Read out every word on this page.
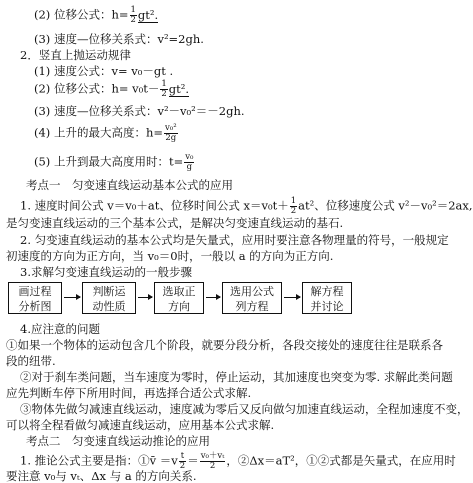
(2) 位移公式：$h= \frac{1}{2} gt^2$.
(3) 速度—位移关系式：v²=2gh.
2．竖直上抛运动规律
(1) 速度公式：v= v₀－gt .
(2) 位移公式：$h= v_0t- \frac{1}{2} gt^2$.
(3) 速度—位移关系式：v²－v₀²＝－2gh.
(4) 上升的最大高度：$h= \frac{\text{v₀²}}{2g}$
(5) 上升到最大高度用时：$t= \frac{\text{v₀}}{g}$
考点一　匀变速直线运动基本公式的应用
1. 速度时间公式 v＝v₀＋at、位移时间公式 $x=v_0t+ \frac{1}{2} at^2$、位移速度公式 v²－v₀²＝2ax,
是匀变速直线运动的三个基本公式，是解决匀变速直线运动的基石.
2. 匀变速直线运动的基本公式均是矢量式，应用时要注意各物理量的符号，一般规定
初速度的方向为正方向，当 v₀＝0时，一般以 a 的方向为正方向.
3.求解匀变速直线运动的一般步骤
画过程
分析图
判断运
动性质
选取正
方向
选用公式
列方程
解方程
并讨论
4.应注意的问题
①如果一个物体的运动包含几个阶段，就要分段分析，各段交接处的速度往往是联系各
段的纽带.
②对于刹车类问题，当车速度为零时，停止运动，其加速度也突变为零. 求解此类问题
应先判断车停下所用时间，再选择合适公式求解.
③物体先做匀减速直线运动，速度减为零后又反向做匀加速直线运动，全程加速度不变，
可以将全程看做匀减速直线运动，应用基本公式求解.
考点二　匀变速直线运动推论的应用
1. 推论公式主要是指：①v̄ $=v \frac{t}{2} = \frac{\text{v₀＋vₜ}}{2}$ ，②Δx＝aT²，①②式都是矢量式，在应用时
要注意 v₀与 vₜ、Δx 与 a 的方向关系.
